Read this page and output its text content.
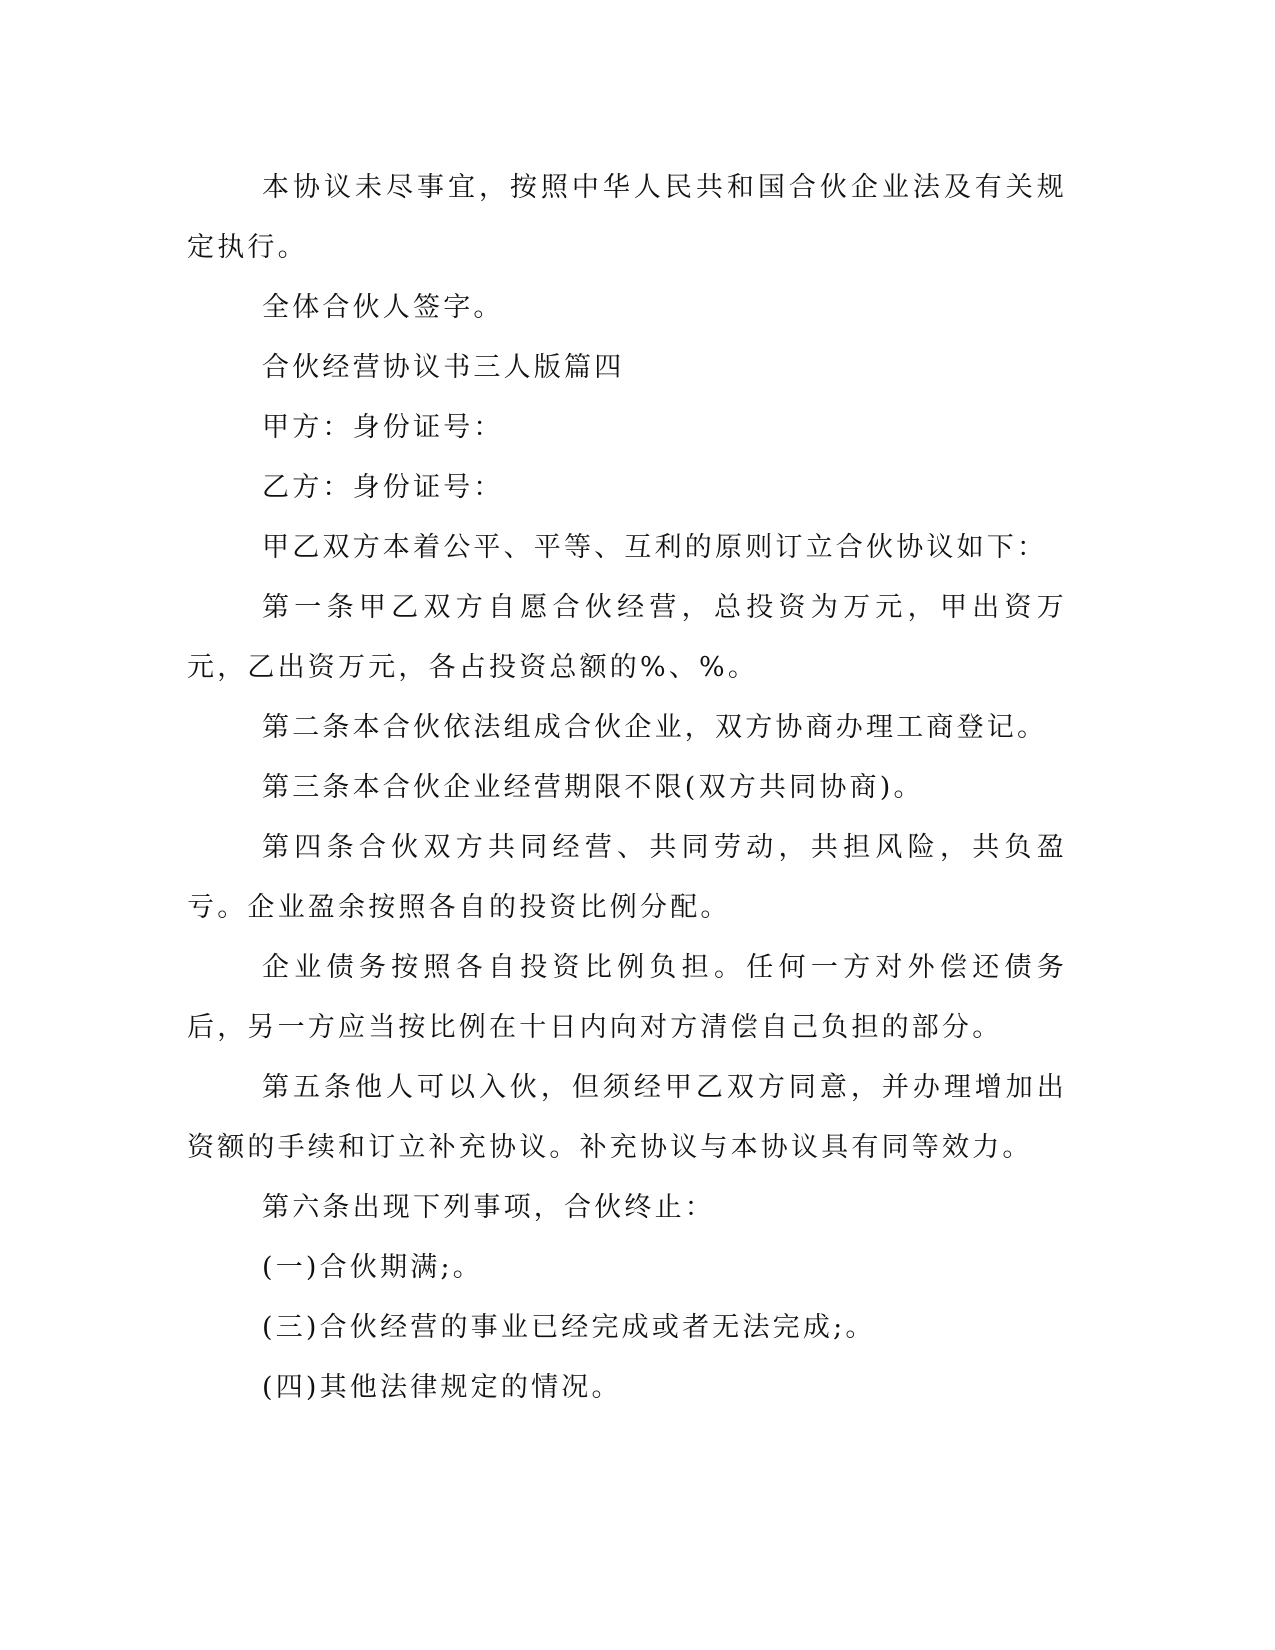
本协议未尽事宜，按照中华人民共和国合伙企业法及有关规定执行。

全体合伙人签字。

合伙经营协议书三人版篇四

甲方：身份证号：

乙方：身份证号：

甲乙双方本着公平、平等、互利的原则订立合伙协议如下：

第一条甲乙双方自愿合伙经营，总投资为万元，甲出资万元，乙出资万元，各占投资总额的%、%。

第二条本合伙依法组成合伙企业，双方协商办理工商登记。

第三条本合伙企业经营期限不限(双方共同协商)。

第四条合伙双方共同经营、共同劳动，共担风险，共负盈亏。企业盈余按照各自的投资比例分配。

企业债务按照各自投资比例负担。任何一方对外偿还债务后，另一方应当按比例在十日内向对方清偿自己负担的部分。

第五条他人可以入伙，但须经甲乙双方同意，并办理增加出资额的手续和订立补充协议。补充协议与本协议具有同等效力。

第六条出现下列事项，合伙终止：

(一)合伙期满;。

(三)合伙经营的事业已经完成或者无法完成;。

(四)其他法律规定的情况。
